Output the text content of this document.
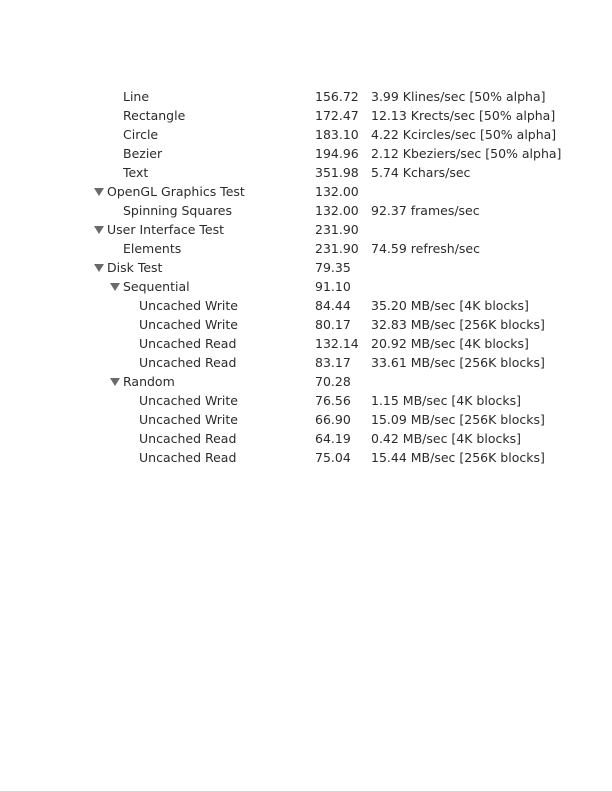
Line	156.72 3.99 Klines/sec [50% alpha]
Rectangle	172.47 12.13 Krects/sec [50% alpha]
Circle	183.10 4.22 Kcircles/sec [50% alpha]
Bezier	194.96 2.12 Kbeziers/sec [50% alpha]
Text	351.98 5.74 Kchars/sec
OpenGL Graphics Test	132.00
Spinning Squares	132.00 92.37 frames/sec
User Interface Test	231.90
Elements	231.90 74.59 refresh/sec
Disk Test	79.35
Sequential	91.10
Uncached Write	84.44	35.20 MB/sec [4K blocks]
Uncached Write	80.17	32.83 MB/sec [256K blocks]
Uncached Read	132.14 20.92 MB/sec [4K blocks]
Uncached Read	83.17	33.61 MB/sec [256K blocks]
Random	70.28
Uncached Write	76.56	1.15 MB/sec [4K blocks]
Uncached Write	66.90	15.09 MB/sec [256K blocks]
Uncached Read	64.19	0.42 MB/sec [4K blocks]
Uncached Read	75.04	15.44 MB/sec [256K blocks]
